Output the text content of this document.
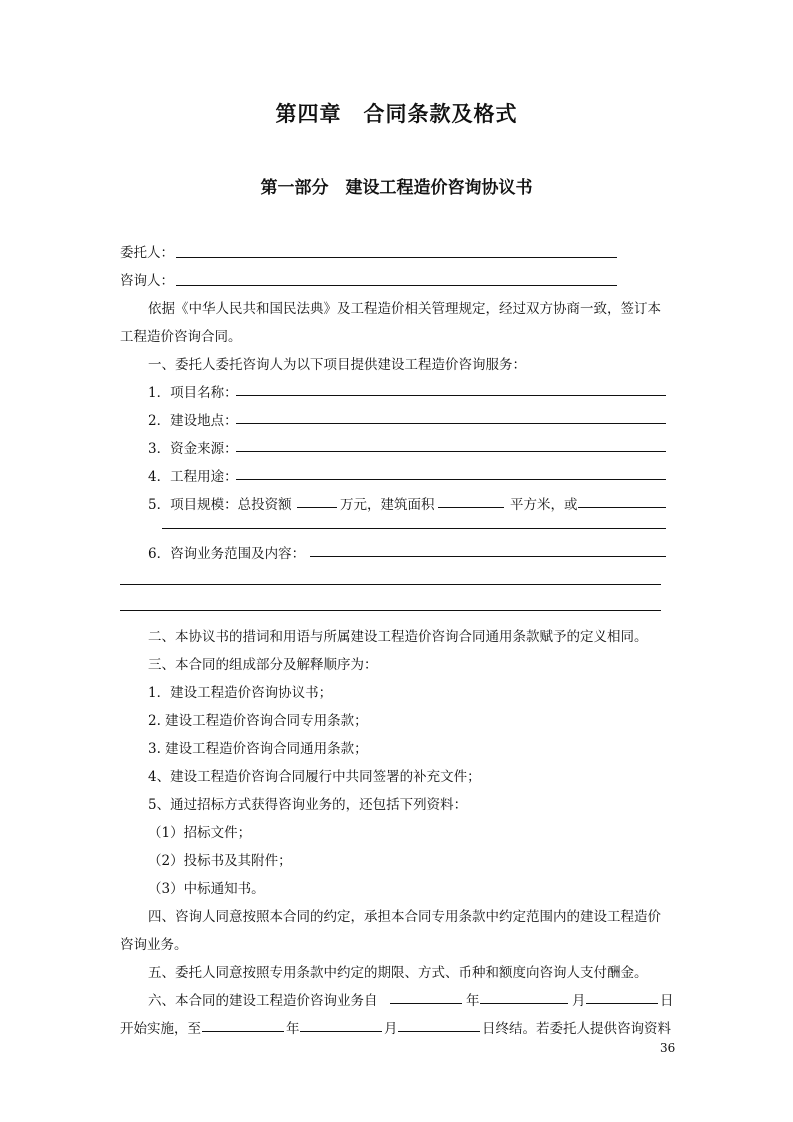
第四章　合同条款及格式
第一部分　建设工程造价咨询协议书
委托人：
咨询人：
依据《中华人民共和国民法典》及工程造价相关管理规定，经过双方协商一致，签订本
工程造价咨询合同。
一、委托人委托咨询人为以下项目提供建设工程造价咨询服务：
1．项目名称：
2．建设地点：
3．资金来源：
4．工程用途：
5．项目规模：总投资额	万元，建筑面积	平方米，或
6．咨询业务范围及内容：
二、本协议书的措词和用语与所属建设工程造价咨询合同通用条款赋予的定义相同。
三、本合同的组成部分及解释顺序为：
1．建设工程造价咨询协议书；
2. 建设工程造价咨询合同专用条款；
3. 建设工程造价咨询合同通用条款；
4、建设工程造价咨询合同履行中共同签署的补充文件；
5、通过招标方式获得咨询业务的，还包括下列资料：
（1）招标文件；
（2）投标书及其附件；
（3）中标通知书。
四、咨询人同意按照本合同的约定，承担本合同专用条款中约定范围内的建设工程造价
咨询业务。
五、委托人同意按照专用条款中约定的期限、方式、币种和额度向咨询人支付酬金。
六、本合同的建设工程造价咨询业务自	年	月	日
开始实施，至	年	月	日终结。若委托人提供咨询资料
36
